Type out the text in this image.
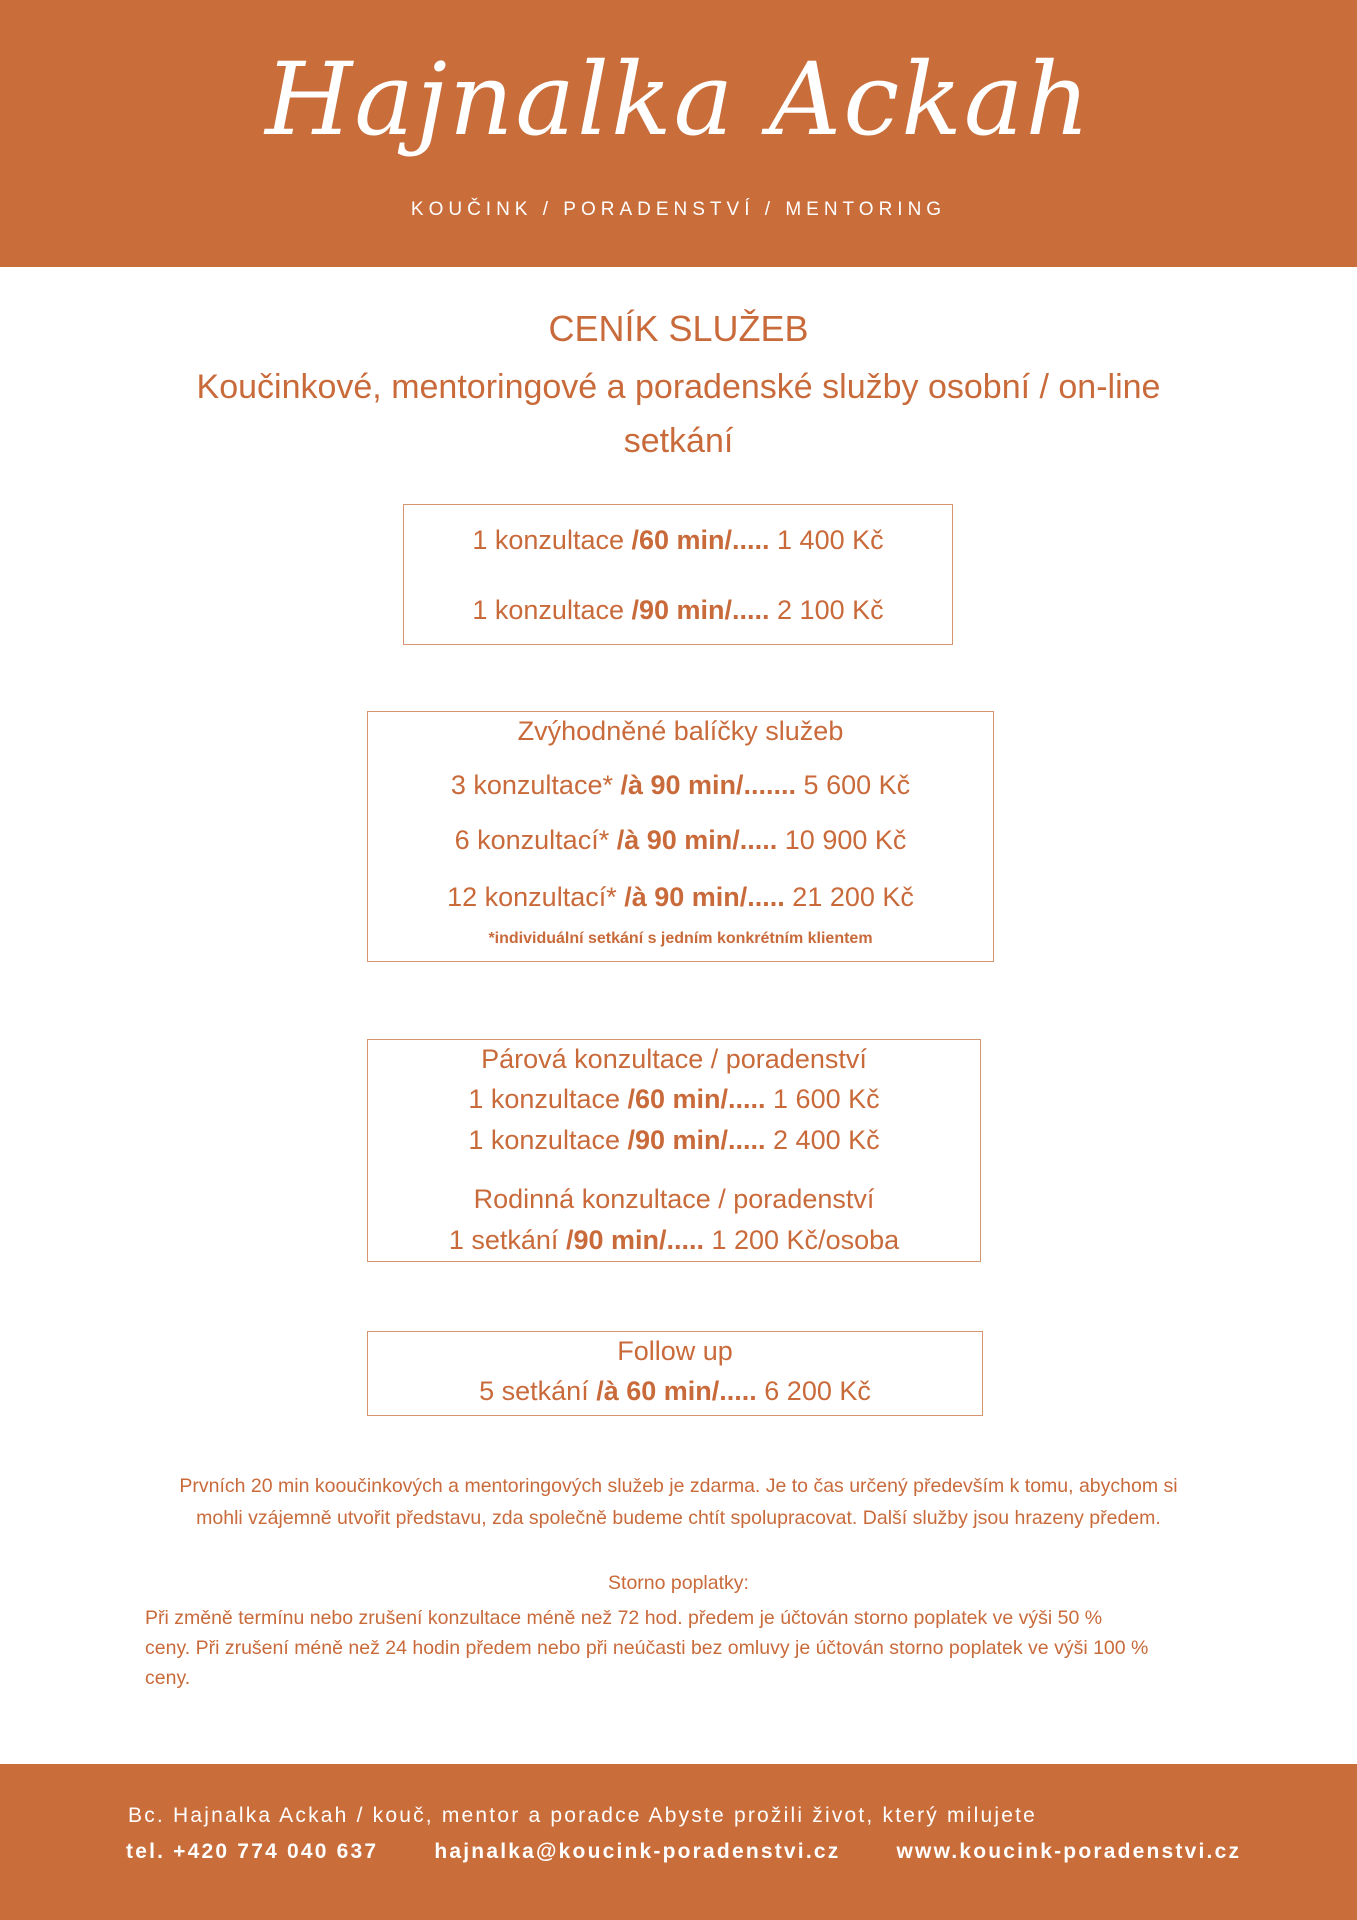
Hajnalka Ackah
KOUČINK / PORADENSTVÍ / MENTORING
CENÍK SLUŽEB
Koučinkové, mentoringové a poradenské služby osobní / on-line setkání
1 konzultace /60 min/..... 1 400 Kč
1 konzultace /90 min/..... 2 100 Kč
Zvýhodněné balíčky služeb
3 konzultace* /à 90 min/....... 5 600 Kč
6 konzultací* /à 90 min/..... 10 900 Kč
12 konzultací* /à 90 min/..... 21 200 Kč
*individuální setkání s jedním konkrétním klientem
Párová konzultace / poradenství
1 konzultace /60 min/..... 1 600 Kč
1 konzultace /90 min/..... 2 400 Kč
Rodinná konzultace / poradenství
1 setkání /90 min/..... 1 200 Kč/osoba
Follow up
5 setkání /à 60 min/..... 6 200 Kč
Prvních 20 min kooučinkových a mentoringových služeb je zdarma. Je to čas určený především k tomu, abychom si
mohli vzájemně utvořit představu, zda společně budeme chtít spolupracovat. Další služby jsou hrazeny předem.
Storno poplatky:
Při změně termínu nebo zrušení konzultace méně než 72 hod. předem je účtován storno poplatek ve výši 50 %
ceny. Při zrušení méně než 24 hodin předem nebo při neúčasti bez omluvy je účtován storno poplatek ve výši 100 %
ceny.
Bc. Hajnalka Ackah / kouč, mentor a poradce Abyste prožili život, který milujete
tel. +420 774 040 637	hajnalka@koucink-poradenstvi.cz	www.koucink-poradenstvi.cz
